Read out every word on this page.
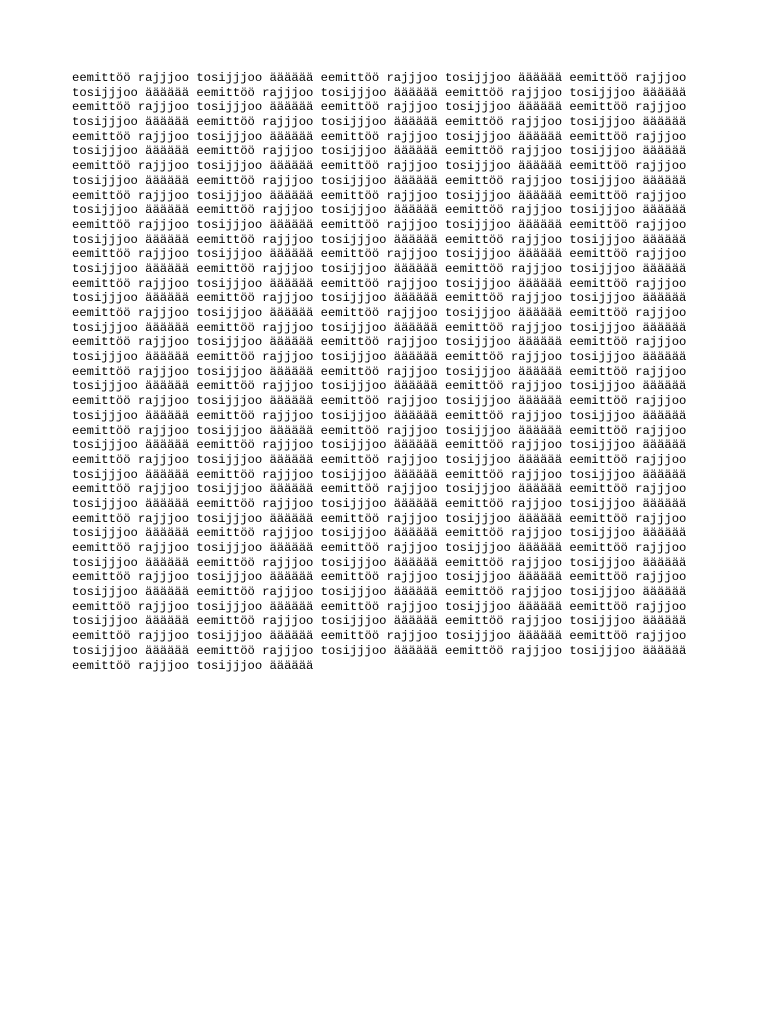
eemittöö rajjjoo tosijjjoo ääääää eemittöö rajjjoo tosijjjoo ääääää eemittöö rajjjoo
tosijjjoo ääääää eemittöö rajjjoo tosijjjoo ääääää eemittöö rajjjoo tosijjjoo ääääää
eemittöö rajjjoo tosijjjoo ääääää eemittöö rajjjoo tosijjjoo ääääää eemittöö rajjjoo
tosijjjoo ääääää eemittöö rajjjoo tosijjjoo ääääää eemittöö rajjjoo tosijjjoo ääääää
eemittöö rajjjoo tosijjjoo ääääää eemittöö rajjjoo tosijjjoo ääääää eemittöö rajjjoo
tosijjjoo ääääää eemittöö rajjjoo tosijjjoo ääääää eemittöö rajjjoo tosijjjoo ääääää
eemittöö rajjjoo tosijjjoo ääääää eemittöö rajjjoo tosijjjoo ääääää eemittöö rajjjoo
tosijjjoo ääääää eemittöö rajjjoo tosijjjoo ääääää eemittöö rajjjoo tosijjjoo ääääää
eemittöö rajjjoo tosijjjoo ääääää eemittöö rajjjoo tosijjjoo ääääää eemittöö rajjjoo
tosijjjoo ääääää eemittöö rajjjoo tosijjjoo ääääää eemittöö rajjjoo tosijjjoo ääääää
eemittöö rajjjoo tosijjjoo ääääää eemittöö rajjjoo tosijjjoo ääääää eemittöö rajjjoo
tosijjjoo ääääää eemittöö rajjjoo tosijjjoo ääääää eemittöö rajjjoo tosijjjoo ääääää
eemittöö rajjjoo tosijjjoo ääääää eemittöö rajjjoo tosijjjoo ääääää eemittöö rajjjoo
tosijjjoo ääääää eemittöö rajjjoo tosijjjoo ääääää eemittöö rajjjoo tosijjjoo ääääää
eemittöö rajjjoo tosijjjoo ääääää eemittöö rajjjoo tosijjjoo ääääää eemittöö rajjjoo
tosijjjoo ääääää eemittöö rajjjoo tosijjjoo ääääää eemittöö rajjjoo tosijjjoo ääääää
eemittöö rajjjoo tosijjjoo ääääää eemittöö rajjjoo tosijjjoo ääääää eemittöö rajjjoo
tosijjjoo ääääää eemittöö rajjjoo tosijjjoo ääääää eemittöö rajjjoo tosijjjoo ääääää
eemittöö rajjjoo tosijjjoo ääääää eemittöö rajjjoo tosijjjoo ääääää eemittöö rajjjoo
tosijjjoo ääääää eemittöö rajjjoo tosijjjoo ääääää eemittöö rajjjoo tosijjjoo ääääää
eemittöö rajjjoo tosijjjoo ääääää eemittöö rajjjoo tosijjjoo ääääää eemittöö rajjjoo
tosijjjoo ääääää eemittöö rajjjoo tosijjjoo ääääää eemittöö rajjjoo tosijjjoo ääääää
eemittöö rajjjoo tosijjjoo ääääää eemittöö rajjjoo tosijjjoo ääääää eemittöö rajjjoo
tosijjjoo ääääää eemittöö rajjjoo tosijjjoo ääääää eemittöö rajjjoo tosijjjoo ääääää
eemittöö rajjjoo tosijjjoo ääääää eemittöö rajjjoo tosijjjoo ääääää eemittöö rajjjoo
tosijjjoo ääääää eemittöö rajjjoo tosijjjoo ääääää eemittöö rajjjoo tosijjjoo ääääää
eemittöö rajjjoo tosijjjoo ääääää eemittöö rajjjoo tosijjjoo ääääää eemittöö rajjjoo
tosijjjoo ääääää eemittöö rajjjoo tosijjjoo ääääää eemittöö rajjjoo tosijjjoo ääääää
eemittöö rajjjoo tosijjjoo ääääää eemittöö rajjjoo tosijjjoo ääääää eemittöö rajjjoo
tosijjjoo ääääää eemittöö rajjjoo tosijjjoo ääääää eemittöö rajjjoo tosijjjoo ääääää
eemittöö rajjjoo tosijjjoo ääääää eemittöö rajjjoo tosijjjoo ääääää eemittöö rajjjoo
tosijjjoo ääääää eemittöö rajjjoo tosijjjoo ääääää eemittöö rajjjoo tosijjjoo ääääää
eemittöö rajjjoo tosijjjoo ääääää eemittöö rajjjoo tosijjjoo ääääää eemittöö rajjjoo
tosijjjoo ääääää eemittöö rajjjoo tosijjjoo ääääää eemittöö rajjjoo tosijjjoo ääääää
eemittöö rajjjoo tosijjjoo ääääää eemittöö rajjjoo tosijjjoo ääääää eemittöö rajjjoo
tosijjjoo ääääää eemittöö rajjjoo tosijjjoo ääääää eemittöö rajjjoo tosijjjoo ääääää
eemittöö rajjjoo tosijjjoo ääääää eemittöö rajjjoo tosijjjoo ääääää eemittöö rajjjoo
tosijjjoo ääääää eemittöö rajjjoo tosijjjoo ääääää eemittöö rajjjoo tosijjjoo ääääää
eemittöö rajjjoo tosijjjoo ääääää eemittöö rajjjoo tosijjjoo ääääää eemittöö rajjjoo
tosijjjoo ääääää eemittöö rajjjoo tosijjjoo ääääää eemittöö rajjjoo tosijjjoo ääääää
eemittöö rajjjoo tosijjjoo ääääää
